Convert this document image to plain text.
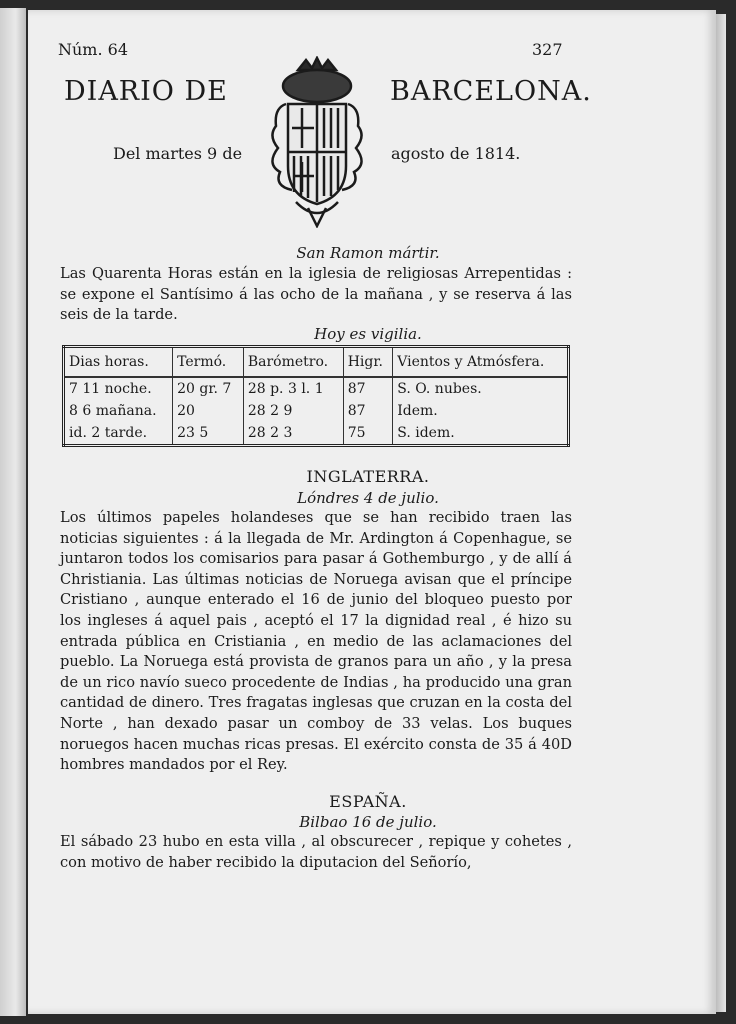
Núm. 64	327
DIARIO DE	BARCELONA.
Del martes 9 de	agosto de 1814.
San Ramon mártir.
Las Quarenta Horas están en la iglesia de religiosas Arrepentidas : se expone el Santísimo á las ocho de la mañana , y se reserva á las seis de la tarde.
Hoy es vigilia.
Dias horas.	Termó.	Barómetro.	Higr.	Vientos y Atmósfera.
7 11 noche.	20 gr. 7	28 p. 3 l. 1	87	S. O. nubes.
8 6 mañana.	20	28 2 9	87	Idem.
id. 2 tarde.	23 5	28 2 3	75	S. idem.
INGLATERRA.
Lóndres 4 de julio.
Los últimos papeles holandeses que se han recibido traen las noticias siguientes : á la llegada de Mr. Ardington á Copenhague, se juntaron todos los comisarios para pasar á Gothemburgo , y de allí á Christiania. Las últimas noticias de Noruega avisan que el príncipe Cristiano , aunque enterado el 16 de junio del bloqueo puesto por los ingleses á aquel pais , aceptó el 17 la dignidad real , é hizo su entrada pública en Cristiania , en medio de las aclamaciones del pueblo. La Noruega está provista de granos para un año , y la presa de un rico navío sueco procedente de Indias , ha producido una gran cantidad de dinero. Tres fragatas inglesas que cruzan en la costa del Norte , han dexado pasar un comboy de 33 velas. Los buques noruegos hacen muchas ricas presas. El exército consta de 35 á 40D hombres mandados por el Rey.
ESPAÑA.
Bilbao 16 de julio.
El sábado 23 hubo en esta villa , al obscurecer , repique y cohetes , con motivo de haber recibido la diputacion del Señorío,
